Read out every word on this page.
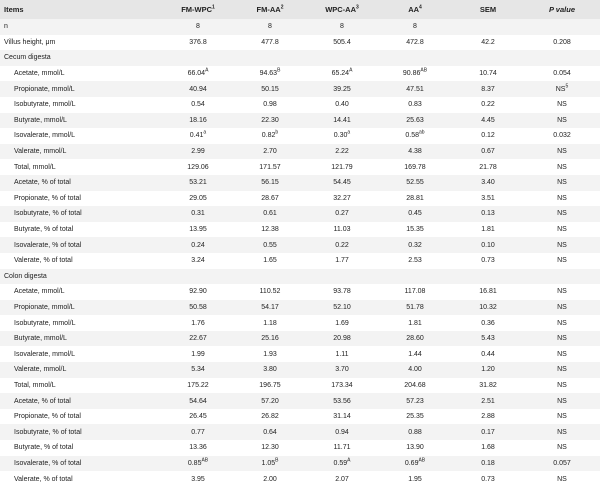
Items	FM-WPC$^1$	$FM-AA^2$	WPC-$AA^3$	$AA^4$	SEM	P value
n	8	8	8	8		
Villus height, μm	376.8	477.8	505.4	472.8	42.2	0.208
Cecum digesta						
Acetate, mmol/L	$66.04^A$	$94.63^B$	$65.24^A$	$90.86^{AB}$	10.74	0.054
Propionate, mmol/L	40.94	50.15	39.25	47.51	8.37	$NS^5$
Isobutyrate, mmol/L	0.54	0.98	0.40	0.83	0.22	NS
Butyrate, mmol/L	18.16	22.30	14.41	25.63	4.45	NS
Isovalerate, mmol/L	0.41$^a$	0.82$^b$	0.30$^a$	0.58$^{ab}$	0.12	0.032
Valerate, mmol/L	2.99	2.70	2.22	4.38	0.67	NS
Total, mmol/L	129.06	171.57	121.79	169.78	21.78	NS
Acetate, % of total	53.21	56.15	54.45	52.55	3.40	NS
Propionate, % of total	29.05	28.67	32.27	28.81	3.51	NS
Isobutyrate, % of total	0.31	0.61	0.27	0.45	0.13	NS
Butyrate, % of total	13.95	12.38	11.03	15.35	1.81	NS
Isovalerate, % of total	0.24	0.55	0.22	0.32	0.10	NS
Valerate, % of total	3.24	1.65	1.77	2.53	0.73	NS
Colon digesta						
Acetate, mmol/L	92.90	110.52	93.78	117.08	16.81	NS
Propionate, mmol/L	50.58	54.17	52.10	51.78	10.32	NS
Isobutyrate, mmol/L	1.76	1.18	1.69	1.81	0.36	NS
Butyrate, mmol/L	22.67	25.16	20.98	28.60	5.43	NS
Isovalerate, mmol/L	1.99	1.93	1.11	1.44	0.44	NS
Valerate, mmol/L	5.34	3.80	3.70	4.00	1.20	NS
Total, mmol/L	175.22	196.75	173.34	204.68	31.82	NS
Acetate, % of total	54.64	57.20	53.56	57.23	2.51	NS
Propionate, % of total	26.45	26.82	31.14	25.35	2.88	NS
Isobutyrate, % of total	0.77	0.64	0.94	0.88	0.17	NS
Butyrate, % of total	13.36	12.30	11.71	13.90	1.68	NS
Isovalerate, % of total	$0.85^{AB}$	$1.05^B$	$0.59^A$	$0.69^{AB}$	0.18	0.057
Valerate, % of total	3.95	2.00	2.07	1.95	0.73	NS
